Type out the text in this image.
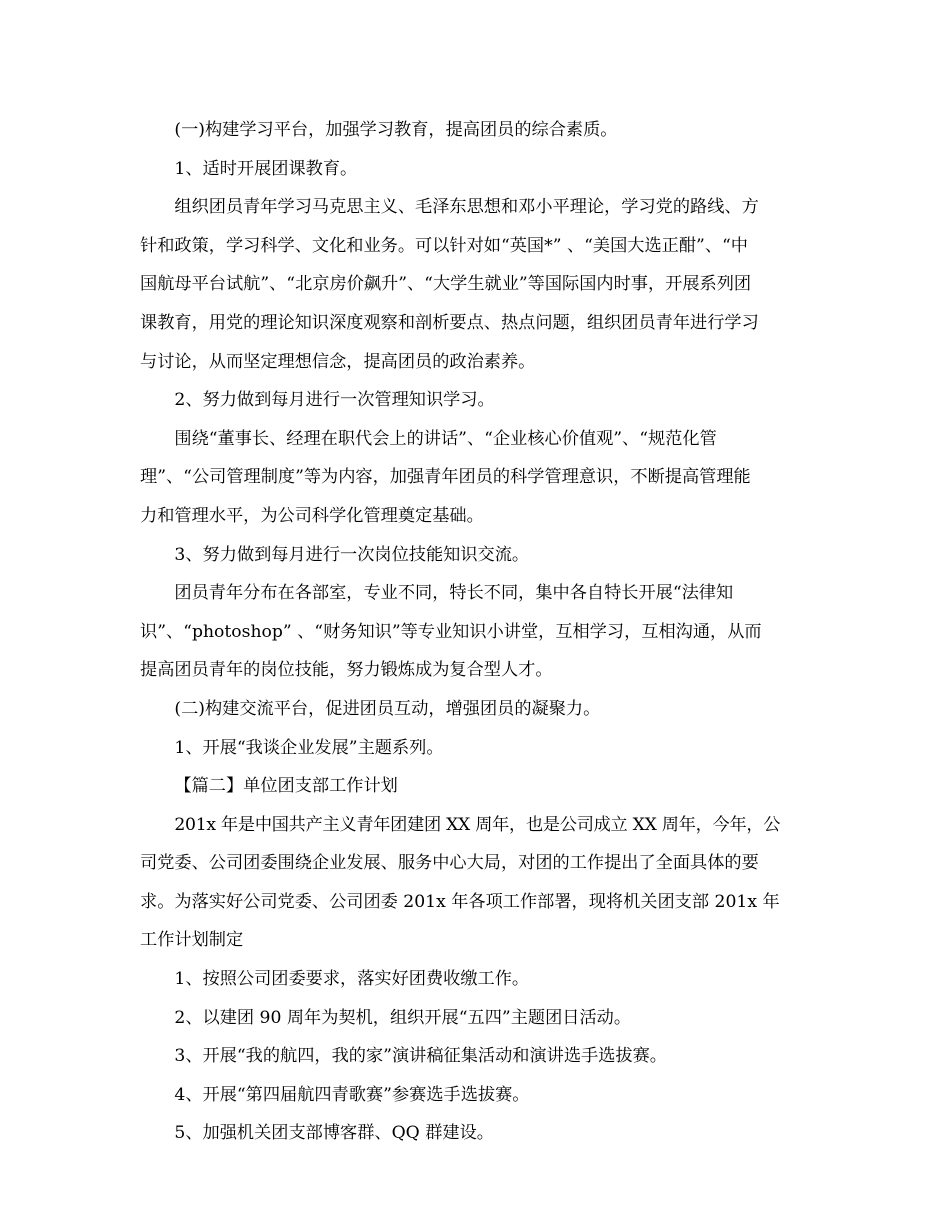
(一)构建学习平台，加强学习教育，提高团员的综合素质。

1、适时开展团课教育。

组织团员青年学习马克思主义、毛泽东思想和邓小平理论，学习党的路线、方
针和政策，学习科学、文化和业务。可以针对如“英国*” 、“美国大选正酣”、“中
国航母平台试航”、“北京房价飙升”、“大学生就业”等国际国内时事，开展系列团
课教育，用党的理论知识深度观察和剖析要点、热点问题，组织团员青年进行学习
与讨论，从而坚定理想信念，提高团员的政治素养。

2、努力做到每月进行一次管理知识学习。

围绕“董事长、经理在职代会上的讲话”、“企业核心价值观”、“规范化管
理”、“公司管理制度”等为内容，加强青年团员的科学管理意识，不断提高管理能
力和管理水平，为公司科学化管理奠定基础。

3、努力做到每月进行一次岗位技能知识交流。

团员青年分布在各部室，专业不同，特长不同，集中各自特长开展“法律知
识”、“photoshop” 、“财务知识”等专业知识小讲堂，互相学习，互相沟通，从而
提高团员青年的岗位技能，努力锻炼成为复合型人才。

(二)构建交流平台，促进团员互动，增强团员的凝聚力。

1、开展“我谈企业发展”主题系列。

【篇二】单位团支部工作计划

201x 年是中国共产主义青年团建团 XX 周年，也是公司成立 XX 周年，今年，公
司党委、公司团委围绕企业发展、服务中心大局，对团的工作提出了全面具体的要
求。为落实好公司党委、公司团委 201x 年各项工作部署，现将机关团支部 201x 年
工作计划制定

1、按照公司团委要求，落实好团费收缴工作。

2、以建团 90 周年为契机，组织开展“五四”主题团日活动。

3、开展“我的航四，我的家”演讲稿征集活动和演讲选手选拔赛。

4、开展“第四届航四青歌赛”参赛选手选拔赛。

5、加强机关团支部博客群、QQ 群建设。
